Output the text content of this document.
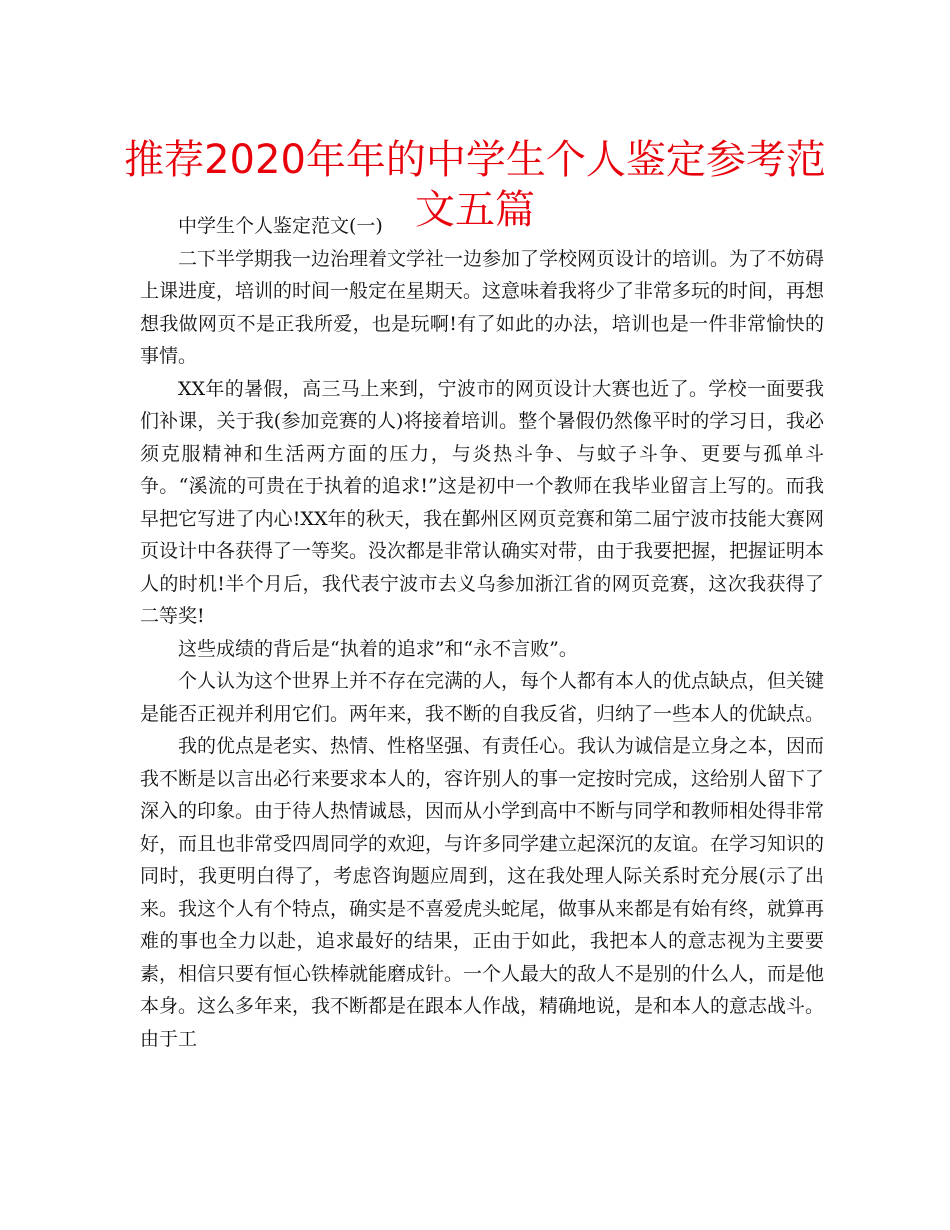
推荐2020年年的中学生个人鉴定参考范文五篇

中学生个人鉴定范文(一)

二下半学期我一边治理着文学社一边参加了学校网页设计的培训。为了不妨碍上课进度，培训的时间一般定在星期天。这意味着我将少了非常多玩的时间，再想想我做网页不是正我所爱，也是玩啊!有了如此的办法，培训也是一件非常愉快的事情。

XX年的暑假，高三马上来到，宁波市的网页设计大赛也近了。学校一面要我们补课，关于我(参加竞赛的人)将接着培训。整个暑假仍然像平时的学习日，我必须克服精神和生活两方面的压力，与炎热斗争、与蚊子斗争、更要与孤单斗争。“溪流的可贵在于执着的追求!”这是初中一个教师在我毕业留言上写的。而我早把它写进了内心!XX年的秋天，我在鄞州区网页竞赛和第二届宁波市技能大赛网页设计中各获得了一等奖。没次都是非常认确实对带，由于我要把握，把握证明本人的时机!半个月后，我代表宁波市去义乌参加浙江省的网页竞赛，这次我获得了二等奖!

这些成绩的背后是“执着的追求”和“永不言败”。

个人认为这个世界上并不存在完满的人，每个人都有本人的优点缺点，但关键是能否正视并利用它们。两年来，我不断的自我反省，归纳了一些本人的优缺点。

我的优点是老实、热情、性格坚强、有责任心。我认为诚信是立身之本，因而我不断是以言出必行来要求本人的，容许别人的事一定按时完成，这给别人留下了深入的印象。由于待人热情诚恳，因而从小学到高中不断与同学和教师相处得非常好，而且也非常受四周同学的欢迎，与许多同学建立起深沉的友谊。在学习知识的同时，我更明白得了，考虑咨询题应周到，这在我处理人际关系时充分展(示了出来。我这个人有个特点，确实是不喜爱虎头蛇尾，做事从来都是有始有终，就算再难的事也全力以赴，追求最好的结果，正由于如此，我把本人的意志视为主要要素，相信只要有恒心铁棒就能磨成针。一个人最大的敌人不是别的什么人，而是他本身。这么多年来，我不断都是在跟本人作战，精确地说，是和本人的意志战斗。由于工
